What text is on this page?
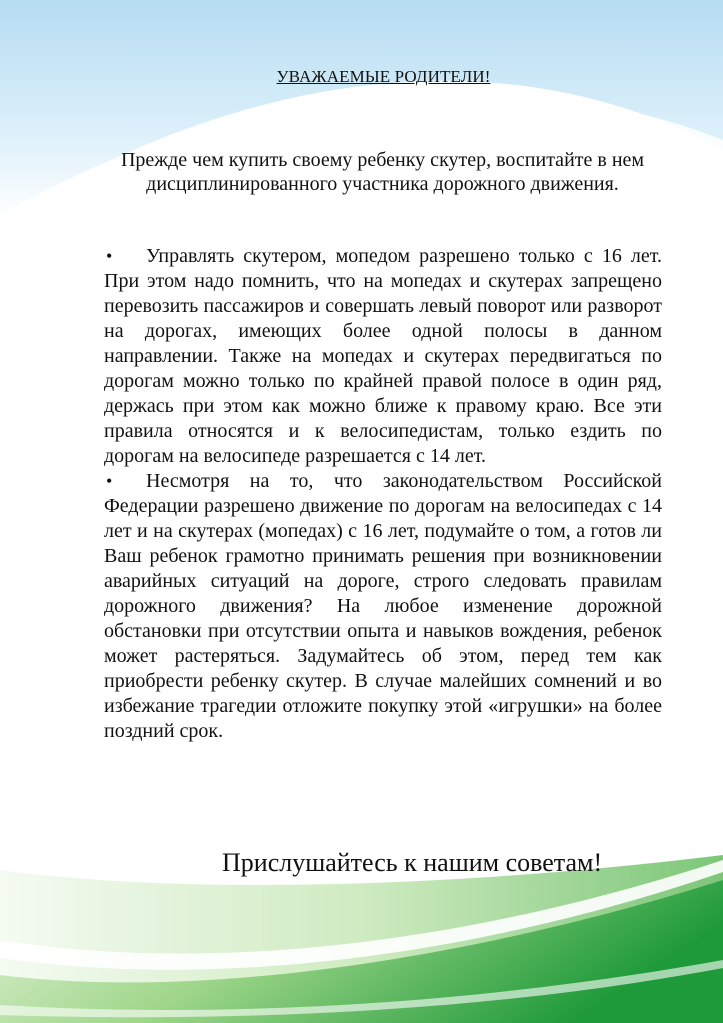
УВАЖАЕМЫЕ РОДИТЕЛИ!
Прежде чем купить своему ребенку скутер, воспитайте в нем дисциплинированного участника дорожного движения.
• Управлять скутером, мопедом разрешено только с 16 лет. При этом надо помнить, что на мопедах и скутерах запрещено перевозить пассажиров и совершать левый поворот или разворот на дорогах, имеющих более одной полосы в данном направлении. Также на мопедах и скутерах передвигаться по дорогам можно только по крайней правой полосе в один ряд, держась при этом как можно ближе к правому краю. Все эти правила относятся и к велосипедистам, только ездить по дорогам на велосипеде разрешается с 14 лет.
• Несмотря на то, что законодательством Российской Федерации разрешено движение по дорогам на велосипедах с 14 лет и на скутерах (мопедах) с 16 лет, подумайте о том, а готов ли Ваш ребенок грамотно принимать решения при возникновении аварийных ситуаций на дороге, строго следовать правилам дорожного движения? На любое изменение дорожной обстановки при отсутствии опыта и навыков вождения, ребенок может растеряться. Задумайтесь об этом, перед тем как приобрести ребенку скутер. В случае малейших сомнений и во избежание трагедии отложите покупку этой «игрушки» на более поздний срок.
Прислушайтесь к нашим советам!
